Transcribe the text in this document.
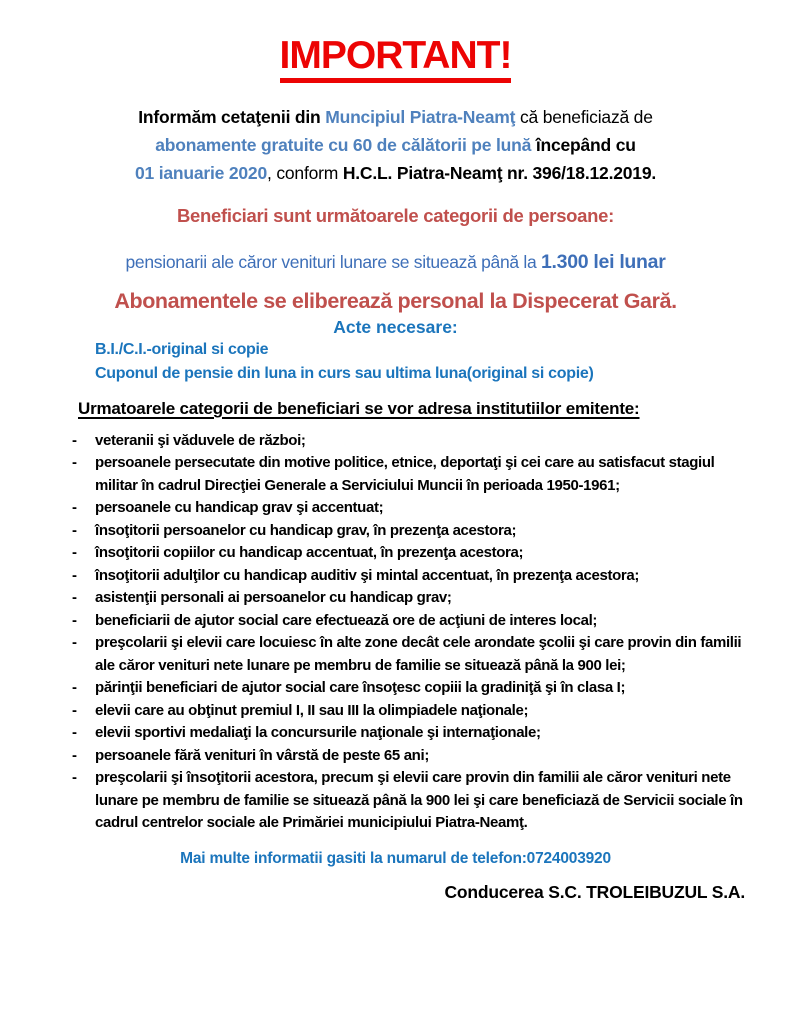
IMPORTANT!
Informăm cetaţenii din Muncipiul Piatra-Neamţ că beneficiază de
abonamente gratuite cu 60 de călătorii pe lună începând cu
01 ianuarie 2020, conform H.C.L. Piatra-Neamţ nr. 396/18.12.2019.
Beneficiari sunt următoarele categorii de persoane:
pensionarii ale căror venituri lunare se situează până la 1.300 lei lunar
Abonamentele se eliberează personal la Dispecerat Gară.
Acte necesare:
B.I./C.I.-original si copie
Cuponul de pensie din luna in curs sau ultima luna(original si copie)
Urmatoarele categorii de beneficiari se vor adresa institutiilor emitente:
-	veteranii şi văduvele de război;
-	persoanele persecutate din motive politice, etnice, deportaţi şi cei care au satisfacut stagiul militar în cadrul Direcţiei Generale a Serviciului Muncii în perioada 1950-1961;
-	persoanele cu handicap grav şi accentuat;
-	însoţitorii persoanelor cu handicap grav, în prezenţa acestora;
-	însoţitorii copiilor cu handicap accentuat, în prezenţa acestora;
-	însoţitorii adulţilor cu handicap auditiv şi mintal accentuat, în prezenţa acestora;
-	asistenţii personali ai persoanelor cu handicap grav;
-	beneficiarii de ajutor social care efectuează ore de acţiuni de interes local;
-	preşcolarii şi elevii care locuiesc în alte zone decât cele arondate şcolii şi care provin din familii ale căror venituri nete lunare pe membru de familie se situează până la 900 lei;
-	părinţii beneficiari de ajutor social care însoţesc copiii la gradiniţă şi în clasa I;
-	elevii care au obţinut premiul I, II sau III la olimpiadele naţionale;
-	elevii sportivi medaliaţi la concursurile naţionale şi internaţionale;
-	persoanele fără venituri în vârstă de peste 65 ani;
-	preşcolarii şi însoţitorii acestora, precum şi elevii care provin din familii ale căror venituri nete lunare pe membru de familie se situează până la 900 lei şi care beneficiază de Servicii sociale în cadrul centrelor sociale ale Primăriei municipiului Piatra-Neamţ.
Mai multe informatii gasiti la numarul de telefon:0724003920
Conducerea S.C. TROLEIBUZUL S.A.
